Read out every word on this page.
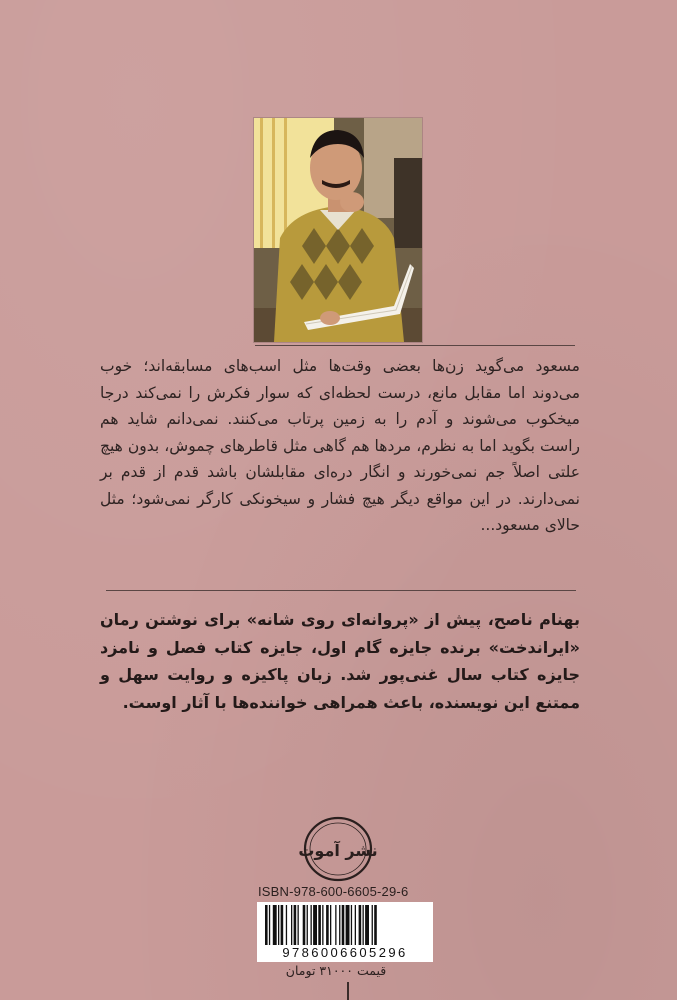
مسعود می‌گوید زن‌ها بعضی وقت‌ها مثل اسب‌های مسابقه‌اند؛ خوب می‌دوند اما مقابل مانع، درست لحظه‌ای که سوار فکرش را نمی‌کند درجا میخکوب می‌شوند و آدم را به زمین پرتاب می‌کنند. نمی‌دانم شاید هم راست بگوید اما به نظرم، مردها هم گاهی مثل قاطرهای چموش، بدون هیچ علتی اصلاً جم نمی‌خورند و انگار دره‌ای مقابلشان باشد قدم از قدم بر نمی‌دارند. در این مواقع دیگر هیچ فشار و سیخونکی کارگر نمی‌شود؛ مثل حالای مسعود...

بهنام ناصح، پیش از «پروانه‌ای روی شانه» برای نوشتن رمان «ایراندخت» برنده جایزه گام اول، جایزه کتاب فصل و نامزد جایزه کتاب سال غنی‌پور شد. زبان پاکیزه و روایت سهل و ممتنع این نویسنده، باعث همراهی خواننده‌ها با آثار اوست.

نشر آموت
ISBN-978-600-6605-29-6
9786006605296
قیمت ۳۱۰۰۰ تومان
